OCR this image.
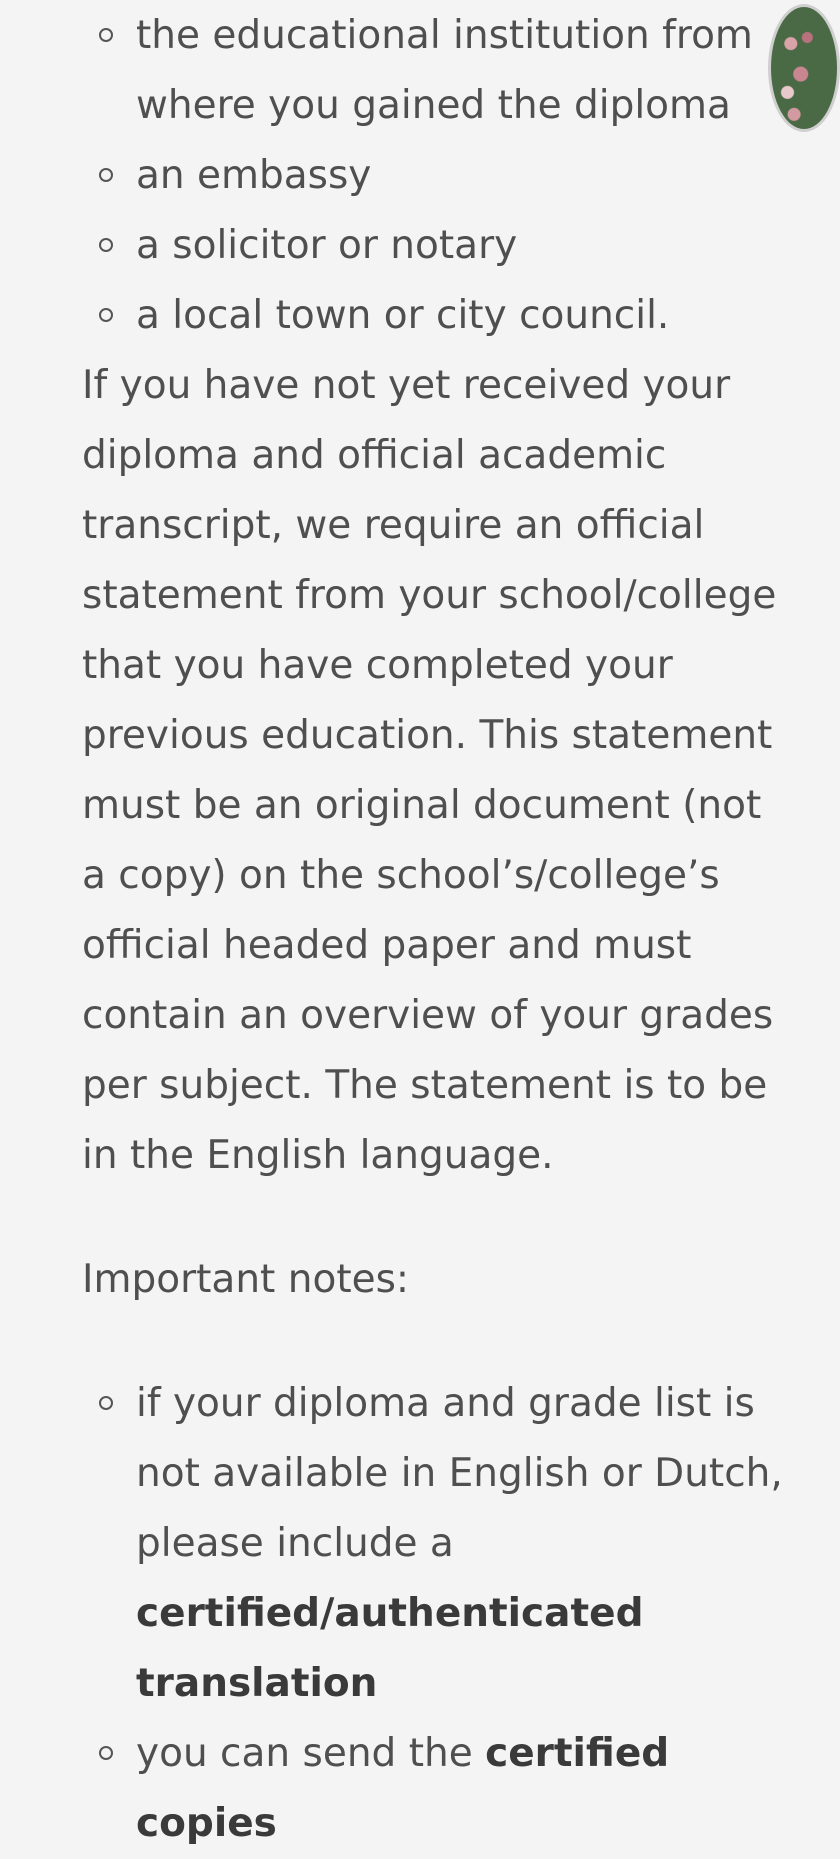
the educational institution from where you gained the diploma
an embassy
a solicitor or notary
a local town or city council.

If you have not yet received your diploma and official academic transcript, we require an official statement from your school/college that you have completed your previous education. This statement must be an original document (not a copy) on the school’s/college’s official headed paper and must contain an overview of your grades per subject. The statement is to be in the English language.

Important notes:

if your diploma and grade list is not available in English or Dutch, please include a certified/authenticated translation
you can send the certified copies
